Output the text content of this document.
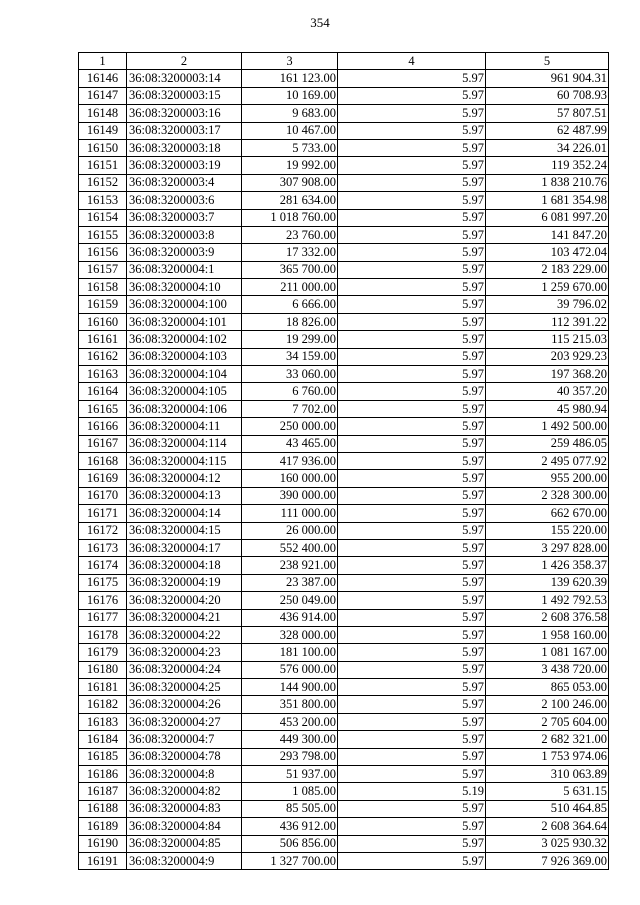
354
1	2	3	4	5
16146	36:08:3200003:14	161 123.00	5.97	961 904.31
16147	36:08:3200003:15	10 169.00	5.97	60 708.93
16148	36:08:3200003:16	9 683.00	5.97	57 807.51
16149	36:08:3200003:17	10 467.00	5.97	62 487.99
16150	36:08:3200003:18	5 733.00	5.97	34 226.01
16151	36:08:3200003:19	19 992.00	5.97	119 352.24
16152	36:08:3200003:4	307 908.00	5.97	1 838 210.76
16153	36:08:3200003:6	281 634.00	5.97	1 681 354.98
16154	36:08:3200003:7	1 018 760.00	5.97	6 081 997.20
16155	36:08:3200003:8	23 760.00	5.97	141 847.20
16156	36:08:3200003:9	17 332.00	5.97	103 472.04
16157	36:08:3200004:1	365 700.00	5.97	2 183 229.00
16158	36:08:3200004:10	211 000.00	5.97	1 259 670.00
16159	36:08:3200004:100	6 666.00	5.97	39 796.02
16160	36:08:3200004:101	18 826.00	5.97	112 391.22
16161	36:08:3200004:102	19 299.00	5.97	115 215.03
16162	36:08:3200004:103	34 159.00	5.97	203 929.23
16163	36:08:3200004:104	33 060.00	5.97	197 368.20
16164	36:08:3200004:105	6 760.00	5.97	40 357.20
16165	36:08:3200004:106	7 702.00	5.97	45 980.94
16166	36:08:3200004:11	250 000.00	5.97	1 492 500.00
16167	36:08:3200004:114	43 465.00	5.97	259 486.05
16168	36:08:3200004:115	417 936.00	5.97	2 495 077.92
16169	36:08:3200004:12	160 000.00	5.97	955 200.00
16170	36:08:3200004:13	390 000.00	5.97	2 328 300.00
16171	36:08:3200004:14	111 000.00	5.97	662 670.00
16172	36:08:3200004:15	26 000.00	5.97	155 220.00
16173	36:08:3200004:17	552 400.00	5.97	3 297 828.00
16174	36:08:3200004:18	238 921.00	5.97	1 426 358.37
16175	36:08:3200004:19	23 387.00	5.97	139 620.39
16176	36:08:3200004:20	250 049.00	5.97	1 492 792.53
16177	36:08:3200004:21	436 914.00	5.97	2 608 376.58
16178	36:08:3200004:22	328 000.00	5.97	1 958 160.00
16179	36:08:3200004:23	181 100.00	5.97	1 081 167.00
16180	36:08:3200004:24	576 000.00	5.97	3 438 720.00
16181	36:08:3200004:25	144 900.00	5.97	865 053.00
16182	36:08:3200004:26	351 800.00	5.97	2 100 246.00
16183	36:08:3200004:27	453 200.00	5.97	2 705 604.00
16184	36:08:3200004:7	449 300.00	5.97	2 682 321.00
16185	36:08:3200004:78	293 798.00	5.97	1 753 974.06
16186	36:08:3200004:8	51 937.00	5.97	310 063.89
16187	36:08:3200004:82	1 085.00	5.19	5 631.15
16188	36:08:3200004:83	85 505.00	5.97	510 464.85
16189	36:08:3200004:84	436 912.00	5.97	2 608 364.64
16190	36:08:3200004:85	506 856.00	5.97	3 025 930.32
16191	36:08:3200004:9	1 327 700.00	5.97	7 926 369.00
